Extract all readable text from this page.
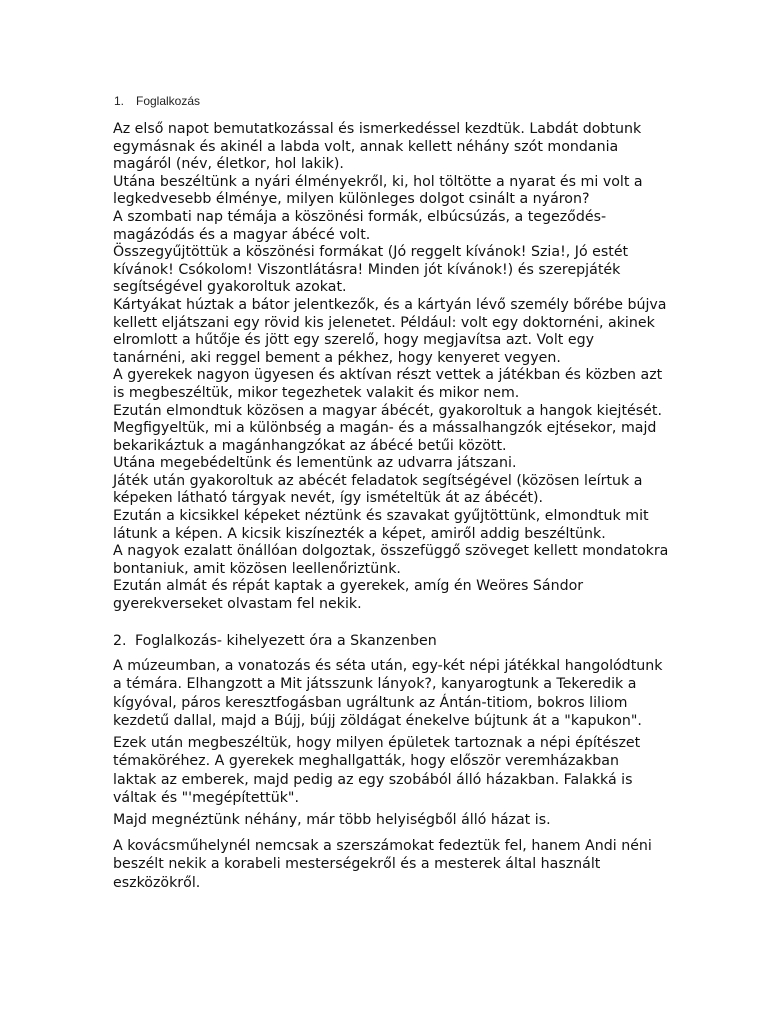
1. Foglalkozás
Az első napot bemutatkozással és ismerkedéssel kezdtük. Labdát dobtunk
egymásnak és akinél a labda volt, annak kellett néhány szót mondania
magáról (név, életkor, hol lakik).
Utána beszéltünk a nyári élményekről, ki, hol töltötte a nyarat és mi volt a
legkedvesebb élménye, milyen különleges dolgot csinált a nyáron?
A szombati nap témája a köszönési formák, elbúcsúzás, a tegeződés-
magázódás és a magyar ábécé volt.
Összegyűjtöttük a köszönési formákat (Jó reggelt kívánok! Szia!, Jó estét
kívánok! Csókolom! Viszontlátásra! Minden jót kívánok!) és szerepjáték
segítségével gyakoroltuk azokat.
Kártyákat húztak a bátor jelentkezők, és a kártyán lévő személy bőrébe bújva
kellett eljátszani egy rövid kis jelenetet. Például: volt egy doktornéni, akinek
elromlott a hűtője és jött egy szerelő, hogy megjavítsa azt. Volt egy
tanárnéni, aki reggel bement a pékhez, hogy kenyeret vegyen.
A gyerekek nagyon ügyesen és aktívan részt vettek a játékban és közben azt
is megbeszéltük, mikor tegezhetek valakit és mikor nem.
Ezután elmondtuk közösen a magyar ábécét, gyakoroltuk a hangok kiejtését.
Megfigyeltük, mi a különbség a magán- és a mássalhangzók ejtésekor, majd
bekarikáztuk a magánhangzókat az ábécé betűi között.
Utána megebédeltünk és lementünk az udvarra játszani.
Játék után gyakoroltuk az abécét feladatok segítségével (közösen leírtuk a
képeken látható tárgyak nevét, így ismételtük át az ábécét).
Ezután a kicsikkel képeket néztünk és szavakat gyűjtöttünk, elmondtuk mit
látunk a képen. A kicsik kiszínezték a képet, amiről addig beszéltünk.
A nagyok ezalatt önállóan dolgoztak, összefüggő szöveget kellett mondatokra
bontaniuk, amit közösen leellenőriztünk.
Ezután almát és répát kaptak a gyerekek, amíg én Weöres Sándor
gyerekverseket olvastam fel nekik.
2. Foglalkozás- kihelyezett óra a Skanzenben
A múzeumban, a vonatozás és séta után, egy-két népi játékkal hangolódtunk
a témára. Elhangzott a Mit játsszunk lányok?, kanyarogtunk a Tekeredik a
kígyóval, páros keresztfogásban ugráltunk az Ántán-titiom, bokros liliom
kezdetű dallal, majd a Bújj, bújj zöldágat énekelve bújtunk át a "kapukon".
Ezek után megbeszéltük, hogy milyen épületek tartoznak a népi építészet
témaköréhez. A gyerekek meghallgatták, hogy először veremházakban
laktak az emberek, majd pedig az egy szobából álló házakban. Falakká is
váltak és "'megépítettük".
Majd megnéztünk néhány, már több helyiségből álló házat is.
A kovácsműhelynél nemcsak a szerszámokat fedeztük fel, hanem Andi néni
beszélt nekik a korabeli mesterségekről és a mesterek által használt
eszközökről.
